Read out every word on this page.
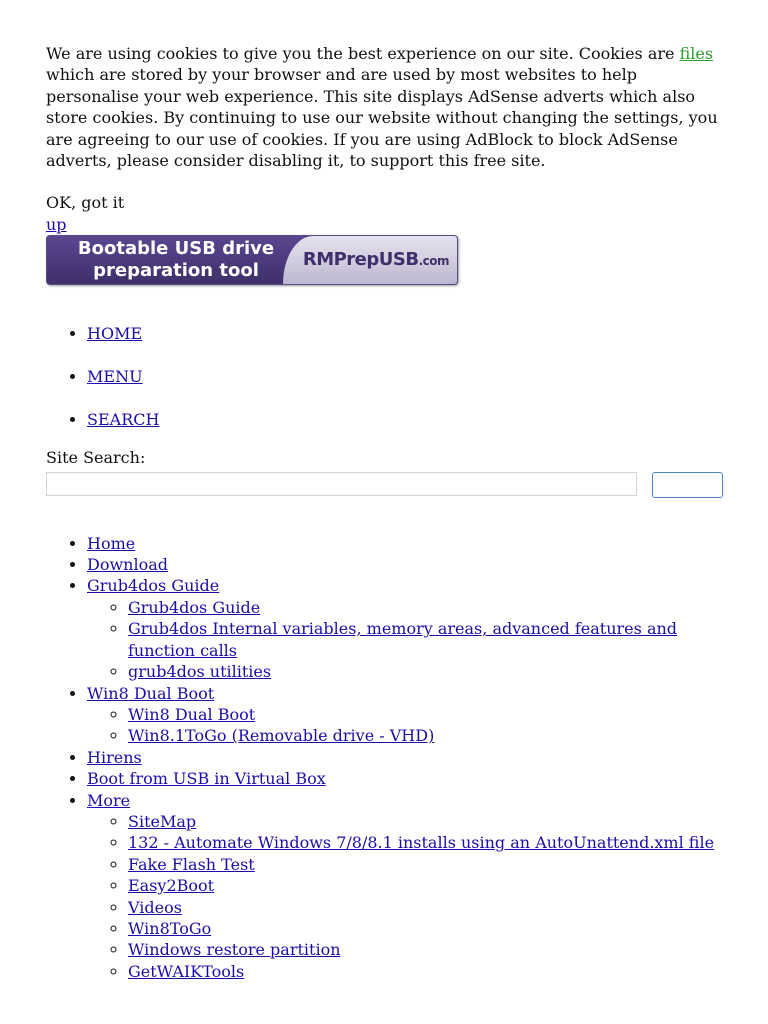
We are using cookies to give you the best experience on our site. Cookies are files which are stored by your browser and are used by most websites to help personalise your web experience. This site displays AdSense adverts which also store cookies. By continuing to use our website without changing the settings, you are agreeing to our use of cookies. If you are using AdBlock to block AdSense adverts, please consider disabling it, to support this free site.

OK, got it
up
Bootable USB drive
preparation tool
RMPrepUSB.com
• HOME
• MENU
• SEARCH
Site Search:
• Home
• Download
• Grub4dos Guide
◦ Grub4dos Guide
◦ Grub4dos Internal variables, memory areas, advanced features and function calls
◦ grub4dos utilities
• Win8 Dual Boot
◦ Win8 Dual Boot
◦ Win8.1ToGo (Removable drive - VHD)
• Hirens
• Boot from USB in Virtual Box
• More
◦ SiteMap
◦ 132 - Automate Windows 7/8/8.1 installs using an AutoUnattend.xml file
◦ Fake Flash Test
◦ Easy2Boot
◦ Videos
◦ Win8ToGo
◦ Windows restore partition
◦ GetWAIKTools
